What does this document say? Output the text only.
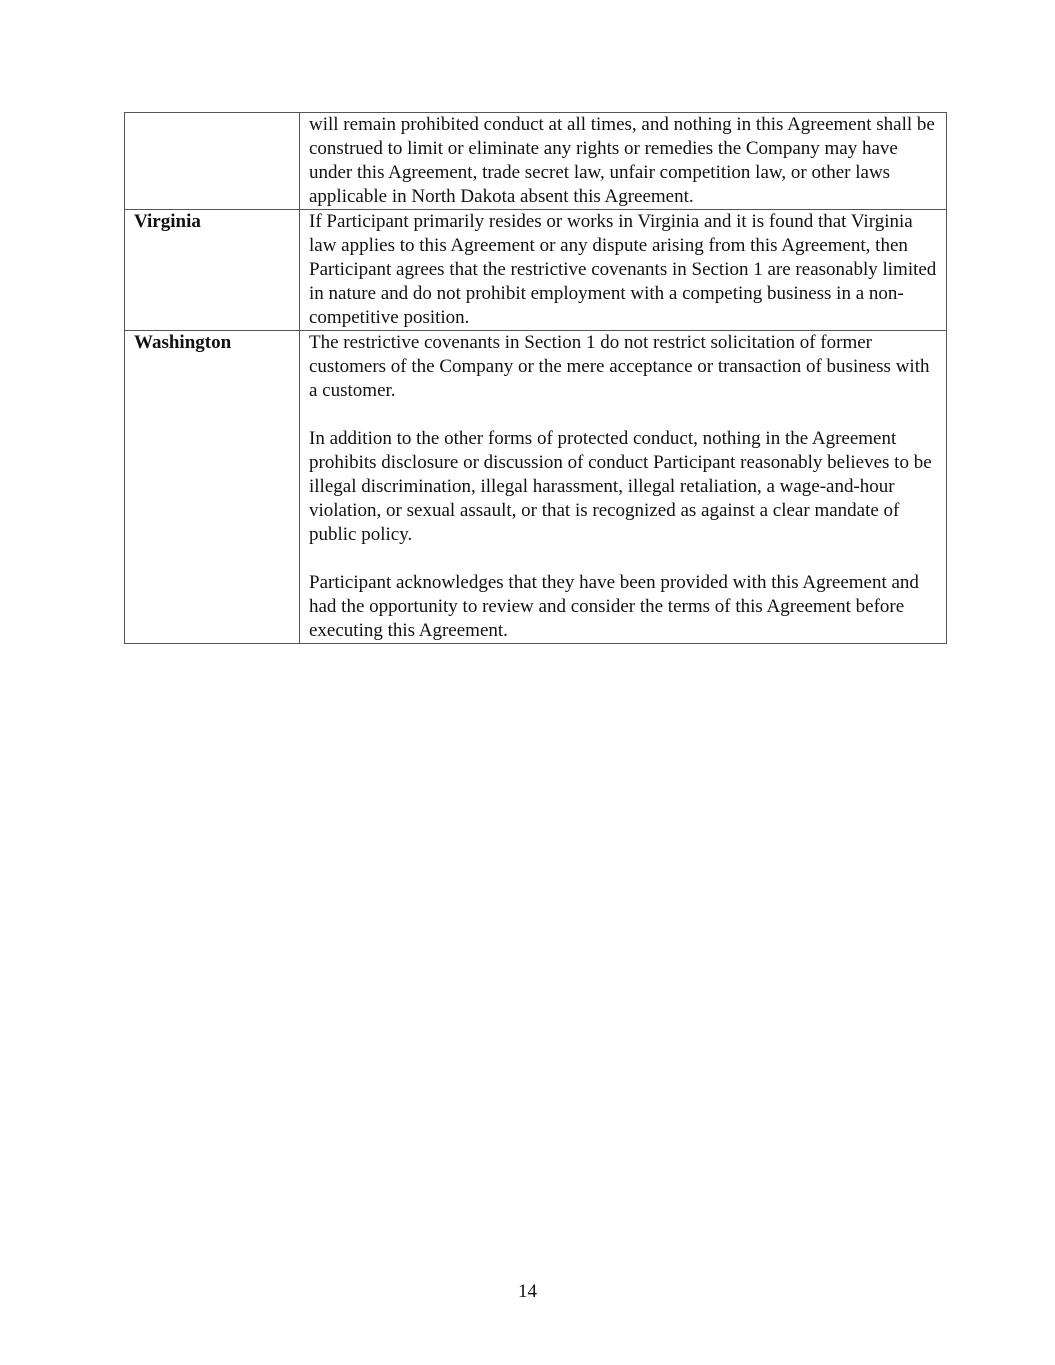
	will remain prohibited conduct at all times, and nothing in this Agreement shall be construed to limit or eliminate any rights or remedies the Company may have under this Agreement, trade secret law, unfair competition law, or other laws applicable in North Dakota absent this Agreement.

Virginia	If Participant primarily resides or works in Virginia and it is found that Virginia law applies to this Agreement or any dispute arising from this Agreement, then Participant agrees that the restrictive covenants in Section 1 are reasonably limited in nature and do not prohibit employment with a competing business in a non-competitive position.

Washington	The restrictive covenants in Section 1 do not restrict solicitation of former customers of the Company or the mere acceptance or transaction of business with a customer.

In addition to the other forms of protected conduct, nothing in the Agreement prohibits disclosure or discussion of conduct Participant reasonably believes to be illegal discrimination, illegal harassment, illegal retaliation, a wage-and-hour violation, or sexual assault, or that is recognized as against a clear mandate of public policy.

Participant acknowledges that they have been provided with this Agreement and had the opportunity to review and consider the terms of this Agreement before executing this Agreement.

14
